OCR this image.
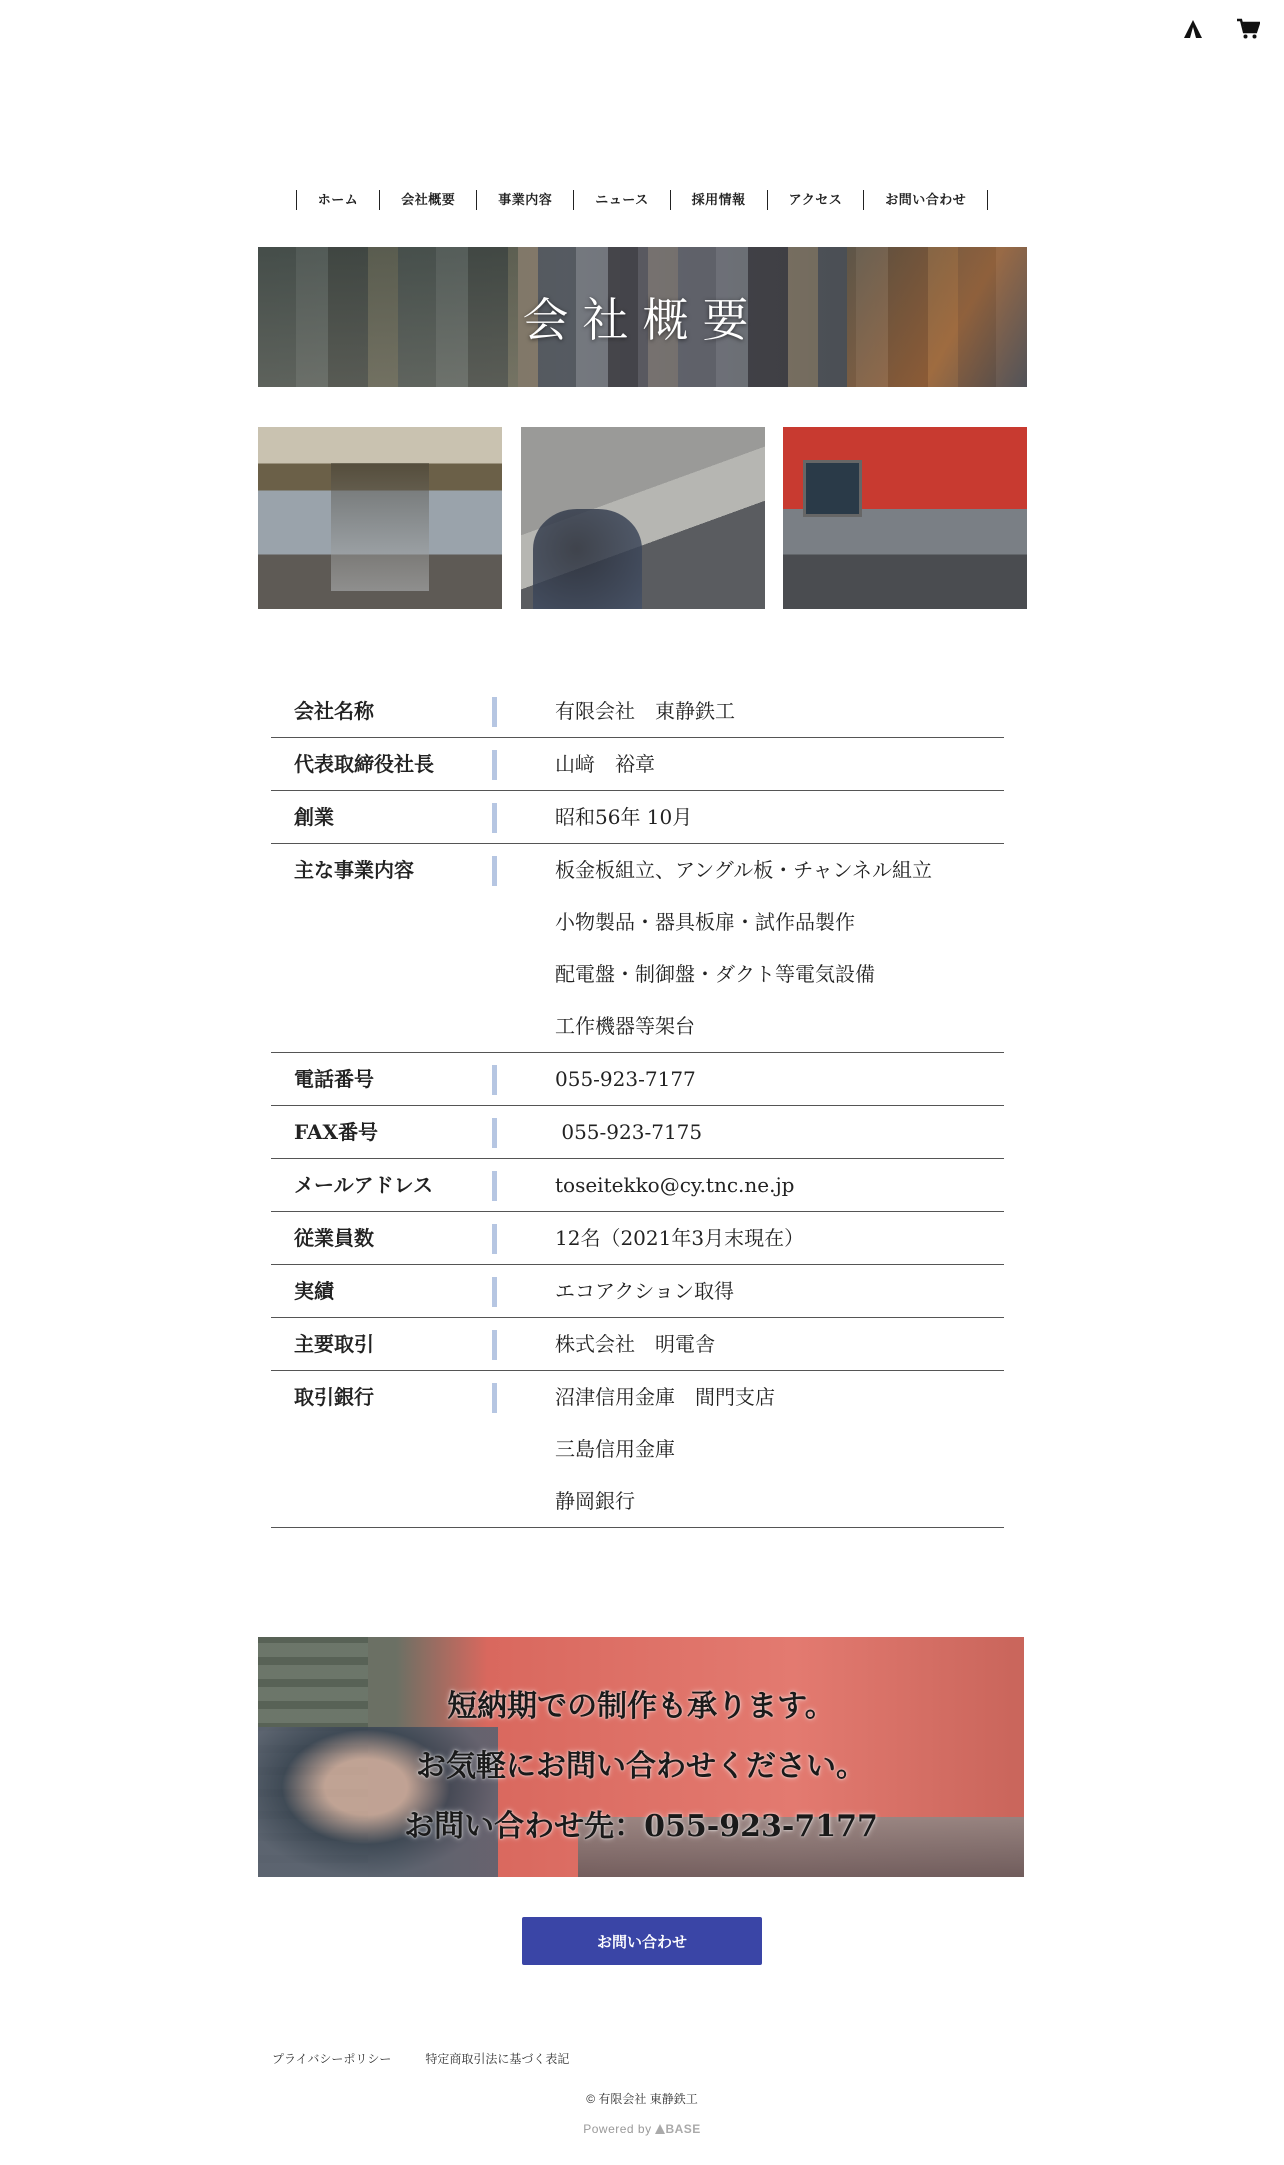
ホーム	会社概要	事業内容	ニュース	採用情報	アクセス	お問い合わせ
会社概要
会社名称	有限会社　東静鉄工
代表取締役社長	山﨑　裕章
創業	昭和56年 10月
主な事業内容	板金板組立、アングル板・チャンネル組立
小物製品・器具板扉・試作品製作
配電盤・制御盤・ダクト等電気設備
工作機器等架台
電話番号	055-923-7177
FAX番号	055-923-7175
メールアドレス	toseitekko@cy.tnc.ne.jp
従業員数	12名（2021年3月末現在）
実績	エコアクション取得
主要取引	株式会社　明電舎
取引銀行	沼津信用金庫　間門支店
三島信用金庫
静岡銀行
短納期での制作も承ります。
お気軽にお問い合わせください。
お問い合わせ先：055-923-7177
お問い合わせ
プライバシーポリシー	特定商取引法に基づく表記
© 有限会社 東静鉄工
Powered by BASE
